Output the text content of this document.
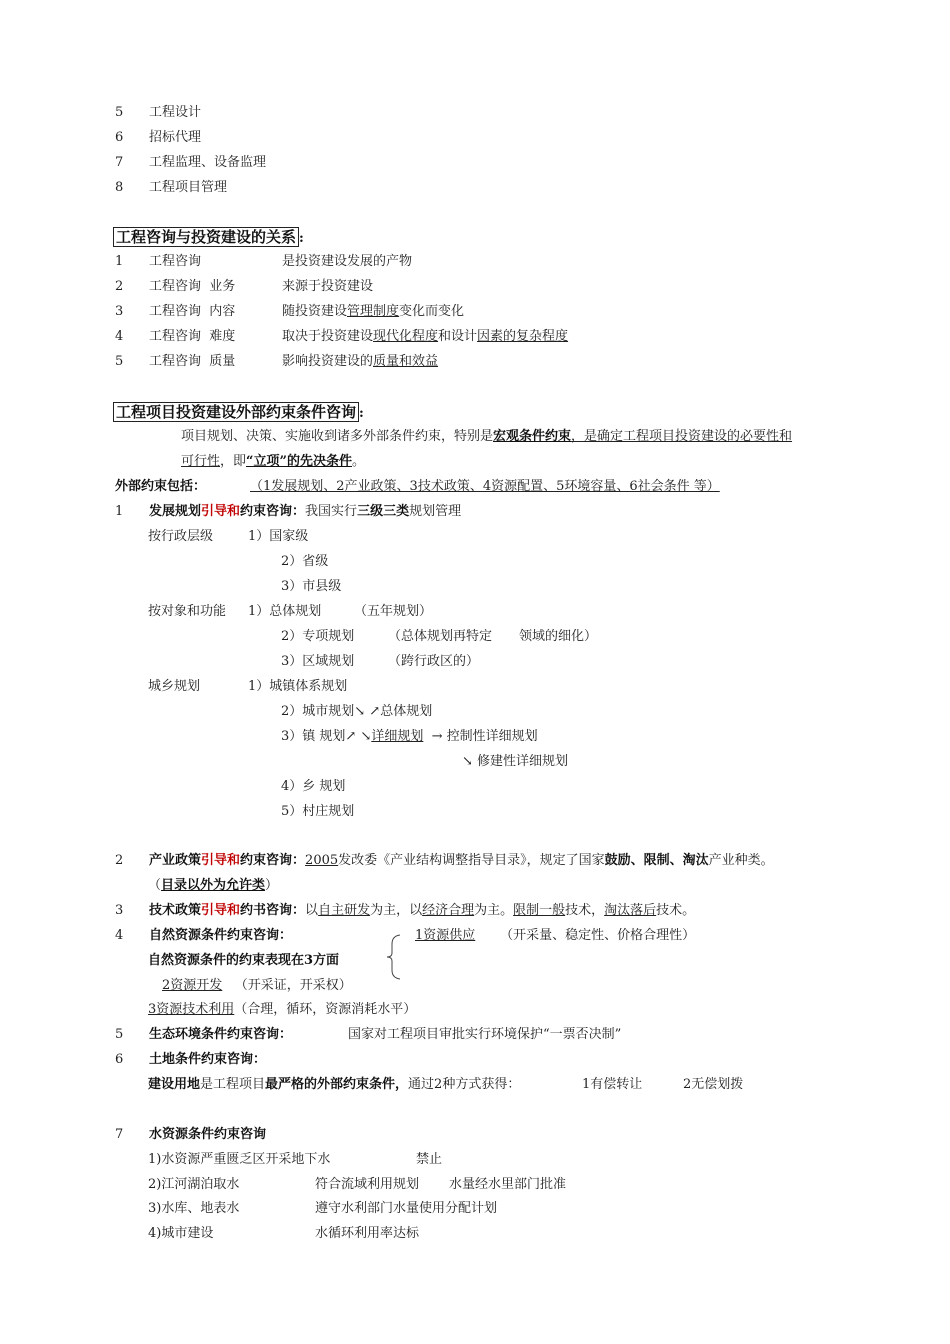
5 工程设计
6 招标代理
7 工程监理、设备监理
8 工程项目管理
工程咨询与投资建设的关系 :
1 工程咨询	是投资建设发展的产物
2 工程咨询 业务	来源于投资建设
3 工程咨询 内容	随投资建设管理制度变化而变化
4 工程咨询 难度	取决于投资建设现代化程度和设计因素的复杂程度
5 工程咨询 质量	影响投资建设的质量和效益
工程项目投资建设外部约束条件咨询 :
项目规划、决策、实施收到诸多外部条件约束，特别是宏观条件约束，是确定工程项目投资建设的必要性和
可行性，即“立项”的先决条件。
外部约束包括：	（1发展规划、2产业政策、3技术政策、4资源配置、5环境容量、6社会条件 等）
1 发展规划引导和约束咨询：我国实行三级三类规划管理
按行政层级	1）国家级
2）省级
3）市县级
按对象和功能 1）总体规划	（五年规划）
2）专项规划	（总体规划再特定 领域的细化）
3）区域规划	（跨行政区的）
城乡规划	1）城镇体系规划
2）城市规划↘ ↗总体规划
3）镇 规划↗ ↘详细规划 → 控制性详细规划
↘ 修建性详细规划
4）乡 规划
5）村庄规划
2 产业政策引导和约束咨询：2005发改委《产业结构调整指导目录》，规定了国家鼓励、限制、淘汰产业种类。
（目录以外为允许类）
3 技术政策引导和约书咨询：以自主研发为主，以经济合理为主。限制一般技术，淘汰落后技术。
4 自然资源条件约束咨询：	1资源供应 （开采量、稳定性、价格合理性）
自然资源条件的约束表现在3方面
2资源开发 （开采证，开采权）
3资源技术利用（合理，循环，资源消耗水平）
5 生态环境条件约束咨询：	国家对工程项目审批实行环境保护“一票否决制”
6 土地条件约束咨询：
建设用地是工程项目最严格的外部约束条件，通过2种方式获得：	1有偿转让	2无偿划拨
7 水资源条件约束咨询
1)水资源严重匮乏区开采地下水	禁止
2)江河湖泊取水	符合流域利用规划 水量经水里部门批准
3)水库、地表水	遵守水利部门水量使用分配计划
4)城市建设	水循环利用率达标
